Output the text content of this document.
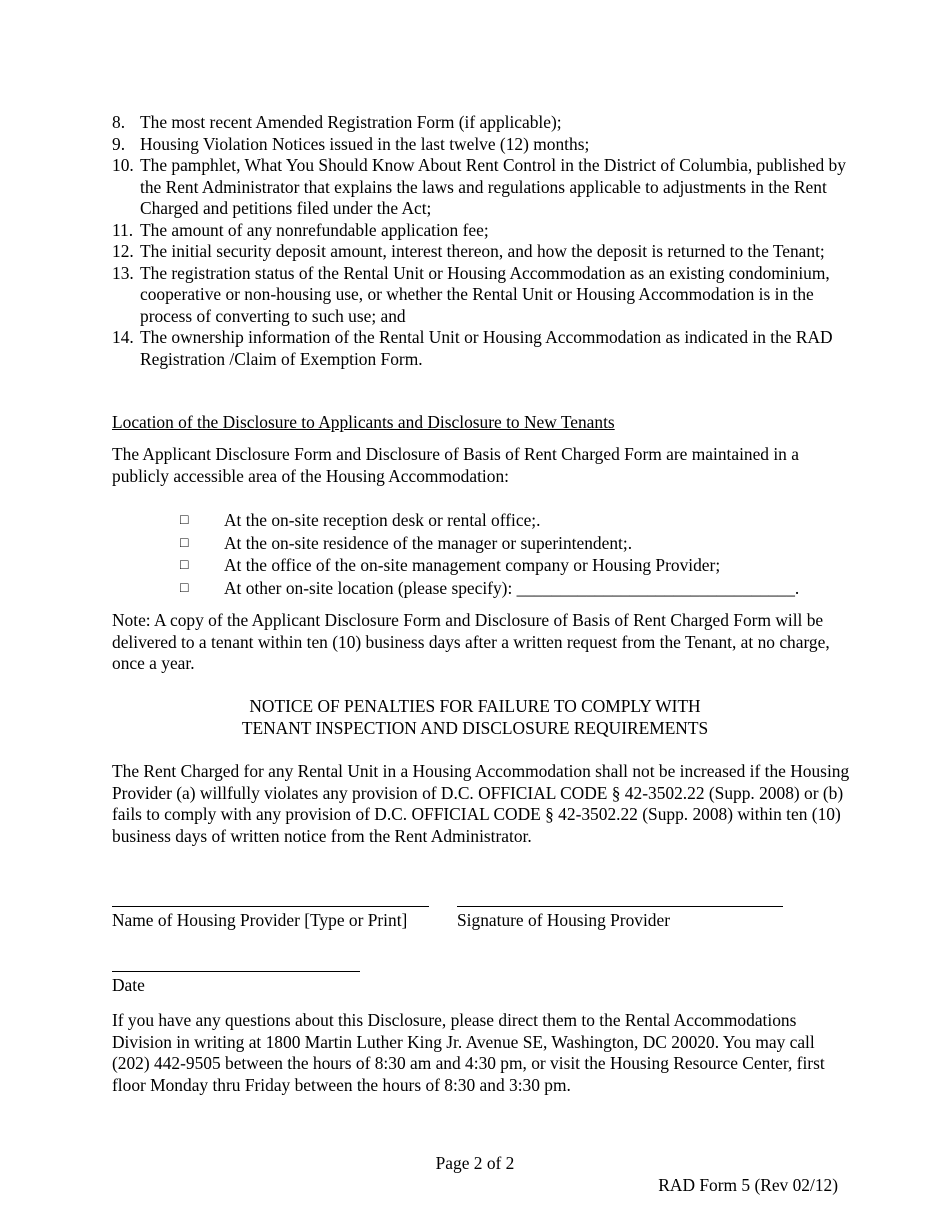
8. The most recent Amended Registration Form (if applicable);
9. Housing Violation Notices issued in the last twelve (12) months;
10. The pamphlet, What You Should Know About Rent Control in the District of Columbia, published by the Rent Administrator that explains the laws and regulations applicable to adjustments in the Rent Charged and petitions filed under the Act;
11. The amount of any nonrefundable application fee;
12. The initial security deposit amount, interest thereon, and how the deposit is returned to the Tenant;
13. The registration status of the Rental Unit or Housing Accommodation as an existing condominium, cooperative or non-housing use, or whether the Rental Unit or Housing Accommodation is in the process of converting to such use; and
14. The ownership information of the Rental Unit or Housing Accommodation as indicated in the RAD Registration /Claim of Exemption Form.
Location of the Disclosure to Applicants and Disclosure to New Tenants
The Applicant Disclosure Form and Disclosure of Basis of Rent Charged Form are maintained in a publicly accessible area of the Housing Accommodation:
□	At the on-site reception desk or rental office;.
□	At the on-site residence of the manager or superintendent;.
□	At the office of the on-site management company or Housing Provider;
□	At other on-site location (please specify): ________________________________.
Note: A copy of the Applicant Disclosure Form and Disclosure of Basis of Rent Charged Form will be delivered to a tenant within ten (10) business days after a written request from the Tenant, at no charge, once a year.
NOTICE OF PENALTIES FOR FAILURE TO COMPLY WITH
TENANT INSPECTION AND DISCLOSURE REQUIREMENTS
The Rent Charged for any Rental Unit in a Housing Accommodation shall not be increased if the Housing Provider (a) willfully violates any provision of D.C. OFFICIAL CODE § 42-3502.22 (Supp. 2008) or (b) fails to comply with any provision of D.C. OFFICIAL CODE § 42-3502.22 (Supp. 2008) within ten (10) business days of written notice from the Rent Administrator.
Name of Housing Provider [Type or Print]	Signature of Housing Provider
Date
If you have any questions about this Disclosure, please direct them to the Rental Accommodations Division in writing at 1800 Martin Luther King Jr. Avenue SE, Washington, DC 20020. You may call (202) 442-9505 between the hours of 8:30 am and 4:30 pm, or visit the Housing Resource Center, first floor Monday thru Friday between the hours of 8:30 and 3:30 pm.
Page 2 of 2
RAD Form 5 (Rev 02/12)
